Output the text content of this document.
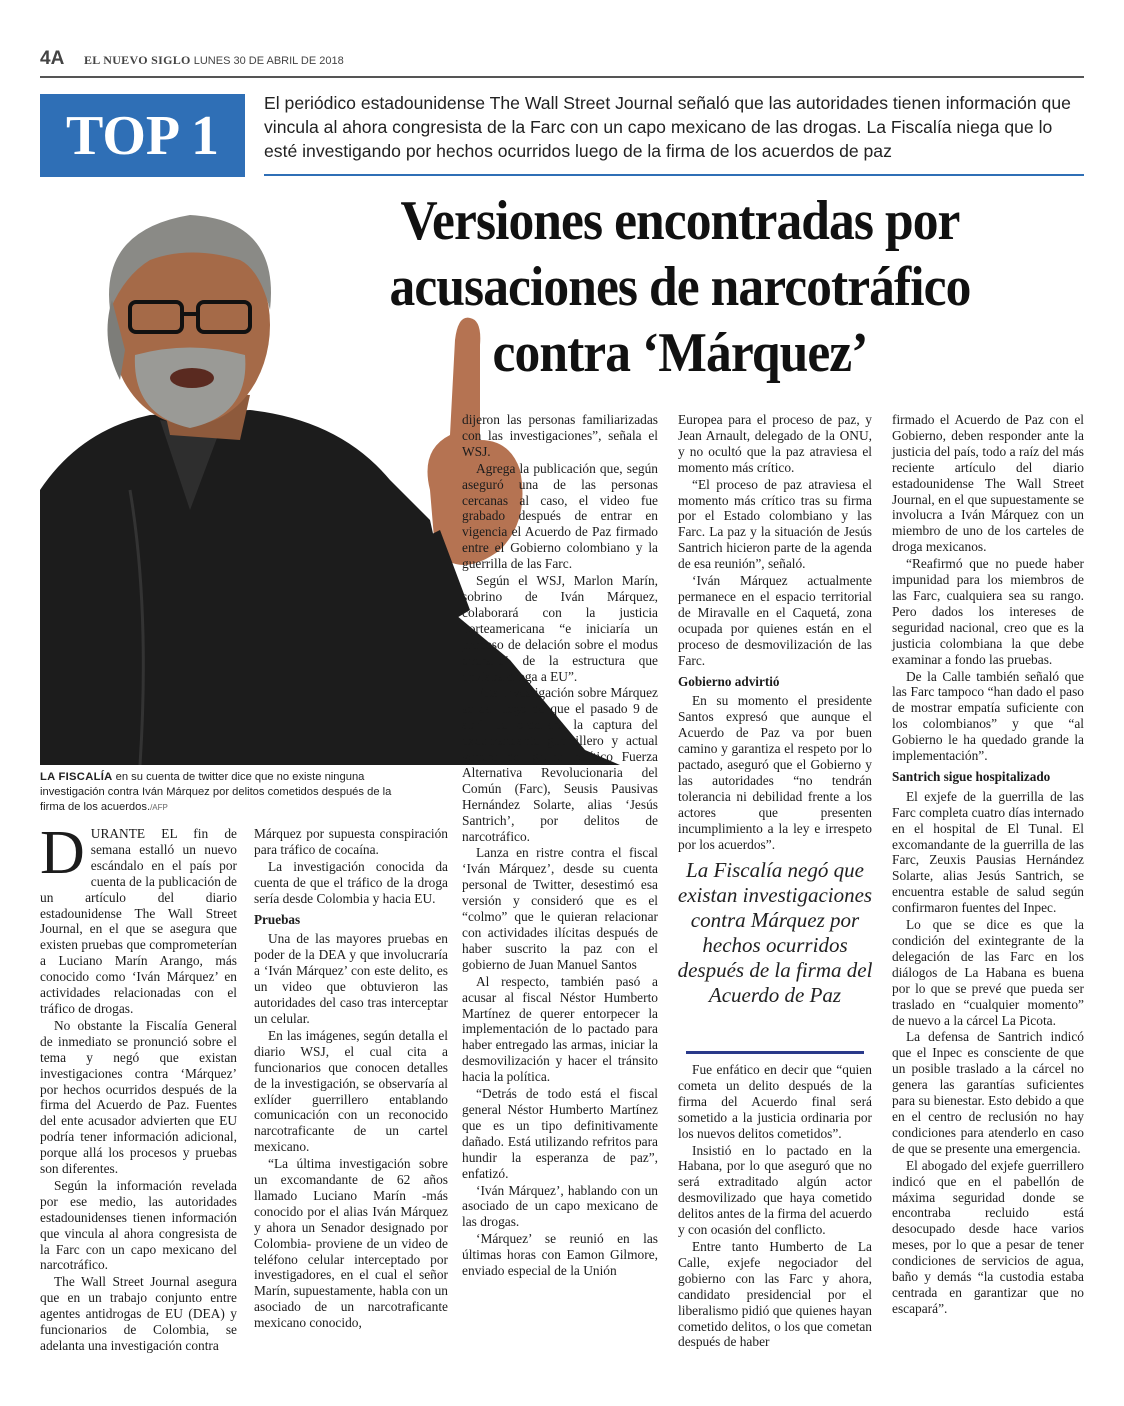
4A EL NUEVO SIGLO LUNES 30 DE ABRIL DE 2018
TOP 1
El periódico estadounidense The Wall Street Journal señaló que las autoridades tienen información que vincula al ahora congresista de la Farc con un capo mexicano de las drogas. La Fiscalía niega que lo esté investigando por hechos ocurridos luego de la firma de los acuerdos de paz
Versiones encontradas por
acusaciones de narcotráfico
contra ‘Márquez’
LA FISCALÍA en su cuenta de twitter dice que no existe ninguna investigación contra Iván Márquez por delitos cometidos después de la firma de los acuerdos./AFP

DURANTE EL fin de semana estalló un nuevo escándalo en el país por cuenta de la publicación de un artículo del diario estadounidense The Wall Street Journal, en el que se asegura que existen pruebas que comprometerían a Luciano Marín Arango, más conocido como ‘Iván Márquez’ en actividades relacionadas con el tráfico de drogas.

No obstante la Fiscalía General de inmediato se pronunció sobre el tema y negó que existan investigaciones contra ‘Márquez’ por hechos ocurridos después de la firma del Acuerdo de Paz. Fuentes del ente acusador advierten que EU podría tener información adicional, porque allá los procesos y pruebas son diferentes.

Según la información revelada por ese medio, las autoridades estadounidenses tienen información que vincula al ahora congresista de la Farc con un capo mexicano del narcotráfico.

The Wall Street Journal asegura que en un trabajo conjunto entre agentes antidrogas de EU (DEA) y funcionarios de Colombia, se adelanta una investigación contra

Márquez por supuesta conspiración para tráfico de cocaína.

La investigación conocida da cuenta de que el tráfico de la droga sería desde Colombia y hacia EU.

Pruebas

Una de las mayores pruebas en poder de la DEA y que involucraría a ‘Iván Márquez’ con este delito, es un video que obtuvieron las autoridades del caso tras interceptar un celular.

En las imágenes, según detalla el diario WSJ, el cual cita a funcionarios que conocen detalles de la investigación, se observaría al exlíder guerrillero entablando comunicación con un reconocido narcotraficante de un cartel mexicano.

“La última investigación sobre un excomandante de 62 años llamado Luciano Marín -más conocido por el alias Iván Márquez y ahora un Senador designado por Colombia- proviene de un video de teléfono celular interceptado por investigadores, en el cual el señor Marín, supuestamente, habla con un asociado de un narcotraficante mexicano conocido,

dijeron las personas familiarizadas con las investigaciones”, señala el WSJ.

Agrega la publicación que, según aseguró una de las personas cercanas al caso, el video fue grabado después de entrar en vigencia el Acuerdo de Paz firmado entre el Gobierno colombiano y la guerrilla de las Farc.

Según el WSJ, Marlon Marín, sobrino de Iván Márquez, colaborará con la justicia norteamericana “e iniciaría un proceso de delación sobre el modus operandi de la estructura que enviaba droga a EU”.

Esta investigación sobre Márquez se da luego de que el pasado 9 de abril se ordenara la captura del excomandante guerrillero y actual vocero del grupo político Fuerza Alternativa Revolucionaria del Común (Farc), Seusis Pausivas Hernández Solarte, alias ‘Jesús Santrich’, por delitos de narcotráfico.

Lanza en ristre contra el fiscal ‘Iván Márquez’, desde su cuenta personal de Twitter, desestimó esa versión y consideró que es el “colmo” que le quieran relacionar con actividades ilícitas después de haber suscrito la paz con el gobierno de Juan Manuel Santos

Al respecto, también pasó a acusar al fiscal Néstor Humberto Martínez de querer entorpecer la implementación de lo pactado para haber entregado las armas, iniciar la desmovilización y hacer el tránsito hacia la política.

“Detrás de todo está el fiscal general Néstor Humberto Martínez que es un tipo definitivamente dañado. Está utilizando refritos para hundir la esperanza de paz”, enfatizó.

‘Iván Márquez’, hablando con un asociado de un capo mexicano de las drogas.

‘Márquez’ se reunió en las últimas horas con Eamon Gilmore, enviado especial de la Unión

Europea para el proceso de paz, y Jean Arnault, delegado de la ONU, y no ocultó que la paz atraviesa el momento más crítico.

“El proceso de paz atraviesa el momento más crítico tras su firma por el Estado colombiano y las Farc. La paz y la situación de Jesús Santrich hicieron parte de la agenda de esa reunión”, señaló.

‘Iván Márquez actualmente permanece en el espacio territorial de Miravalle en el Caquetá, zona ocupada por quienes están en el proceso de desmovilización de las Farc.

Gobierno advirtió

En su momento el presidente Santos expresó que aunque el Acuerdo de Paz va por buen camino y garantiza el respeto por lo pactado, aseguró que el Gobierno y las autoridades “no tendrán tolerancia ni debilidad frente a los actores que presenten incumplimiento a la ley e irrespeto por los acuerdos”.

La Fiscalía negó que existan investigaciones contra Márquez por hechos ocurridos después de la firma del Acuerdo de Paz

Fue enfático en decir que “quien cometa un delito después de la firma del Acuerdo final será sometido a la justicia ordinaria por los nuevos delitos cometidos”.

Insistió en lo pactado en la Habana, por lo que aseguró que no será extraditado algún actor desmovilizado que haya cometido delitos antes de la firma del acuerdo y con ocasión del conflicto.

Entre tanto Humberto de La Calle, exjefe negociador del gobierno con las Farc y ahora, candidato presidencial por el liberalismo pidió que quienes hayan cometido delitos, o los que cometan después de haber

firmado el Acuerdo de Paz con el Gobierno, deben responder ante la justicia del país, todo a raíz del más reciente artículo del diario estadounidense The Wall Street Journal, en el que supuestamente se involucra a Iván Márquez con un miembro de uno de los carteles de droga mexicanos.

“Reafirmó que no puede haber impunidad para los miembros de las Farc, cualquiera sea su rango. Pero dados los intereses de seguridad nacional, creo que es la justicia colombiana la que debe examinar a fondo las pruebas.

De la Calle también señaló que las Farc tampoco “han dado el paso de mostrar empatía suficiente con los colombianos” y que “al Gobierno le ha quedado grande la implementación”.

Santrich sigue hospitalizado

El exjefe de la guerrilla de las Farc completa cuatro días internado en el hospital de El Tunal. El excomandante de la guerrilla de las Farc, Zeuxis Pausias Hernández Solarte, alias Jesús Santrich, se encuentra estable de salud según confirmaron fuentes del Inpec.

Lo que se dice es que la condición del exintegrante de la delegación de las Farc en los diálogos de La Habana es buena por lo que se prevé que pueda ser traslado en “cualquier momento” de nuevo a la cárcel La Picota.

La defensa de Santrich indicó que el Inpec es consciente de que un posible traslado a la cárcel no genera las garantías suficientes para su bienestar. Esto debido a que en el centro de reclusión no hay condiciones para atenderlo en caso de que se presente una emergencia.

El abogado del exjefe guerrillero indicó que en el pabellón de máxima seguridad donde se encontraba recluido está desocupado desde hace varios meses, por lo que a pesar de tener condiciones de servicios de agua, baño y demás “la custodia estaba centrada en garantizar que no escapará”.
